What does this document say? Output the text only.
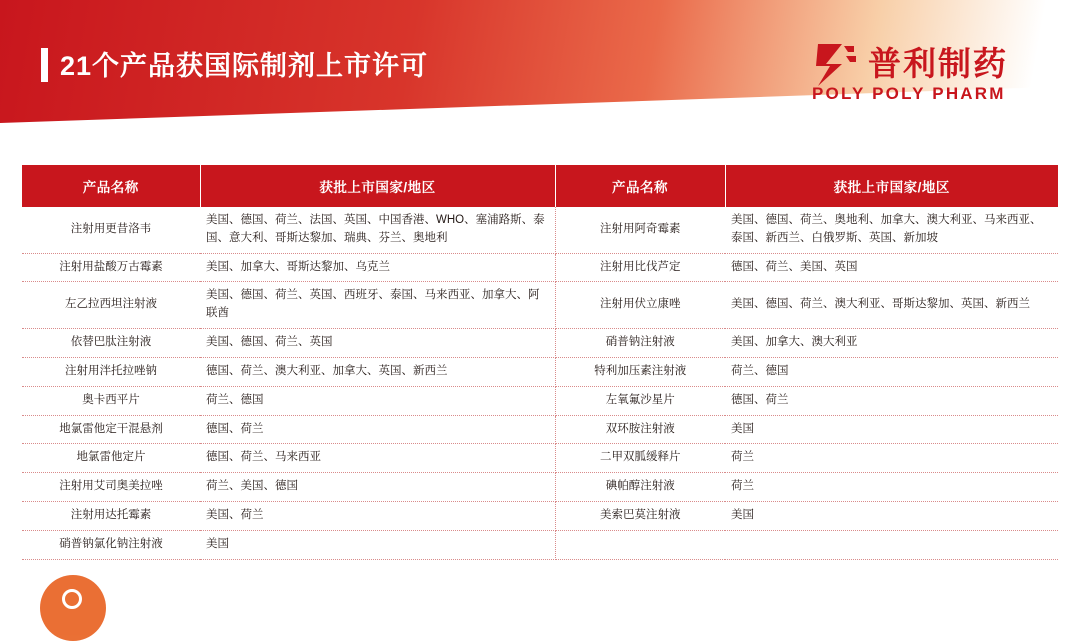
21个产品获国际制剂上市许可	普利制药
POLY POLY PHARM
产品名称	获批上市国家/地区	产品名称	获批上市国家/地区
注射用更昔洛韦	美国、德国、荷兰、法国、英国、中国香港、WHO、塞浦路斯、泰国、意大利、哥斯达黎加、瑞典、芬兰、奥地利	注射用阿奇霉素	美国、德国、荷兰、奥地利、加拿大、澳大利亚、马来西亚、泰国、新西兰、白俄罗斯、英国、新加坡
注射用盐酸万古霉素	美国、加拿大、哥斯达黎加、乌克兰	注射用比伐芦定	德国、荷兰、美国、英国
左乙拉西坦注射液	美国、德国、荷兰、英国、西班牙、泰国、马来西亚、加拿大、阿联酋	注射用伏立康唑	美国、德国、荷兰、澳大利亚、哥斯达黎加、英国、新西兰
依替巴肽注射液	美国、德国、荷兰、英国	硝普钠注射液	美国、加拿大、澳大利亚
注射用泮托拉唑钠	德国、荷兰、澳大利亚、加拿大、英国、新西兰	特利加压素注射液	荷兰、德国
奥卡西平片	荷兰、德国	左氧氟沙星片	德国、荷兰
地氯雷他定干混悬剂	德国、荷兰	双环胺注射液	美国
地氯雷他定片	德国、荷兰、马来西亚	二甲双胍缓释片	荷兰
注射用艾司奥美拉唑	荷兰、美国、德国	碘帕醇注射液	荷兰
注射用达托霉素	美国、荷兰	美索巴莫注射液	美国
硝普钠氯化钠注射液	美国		
